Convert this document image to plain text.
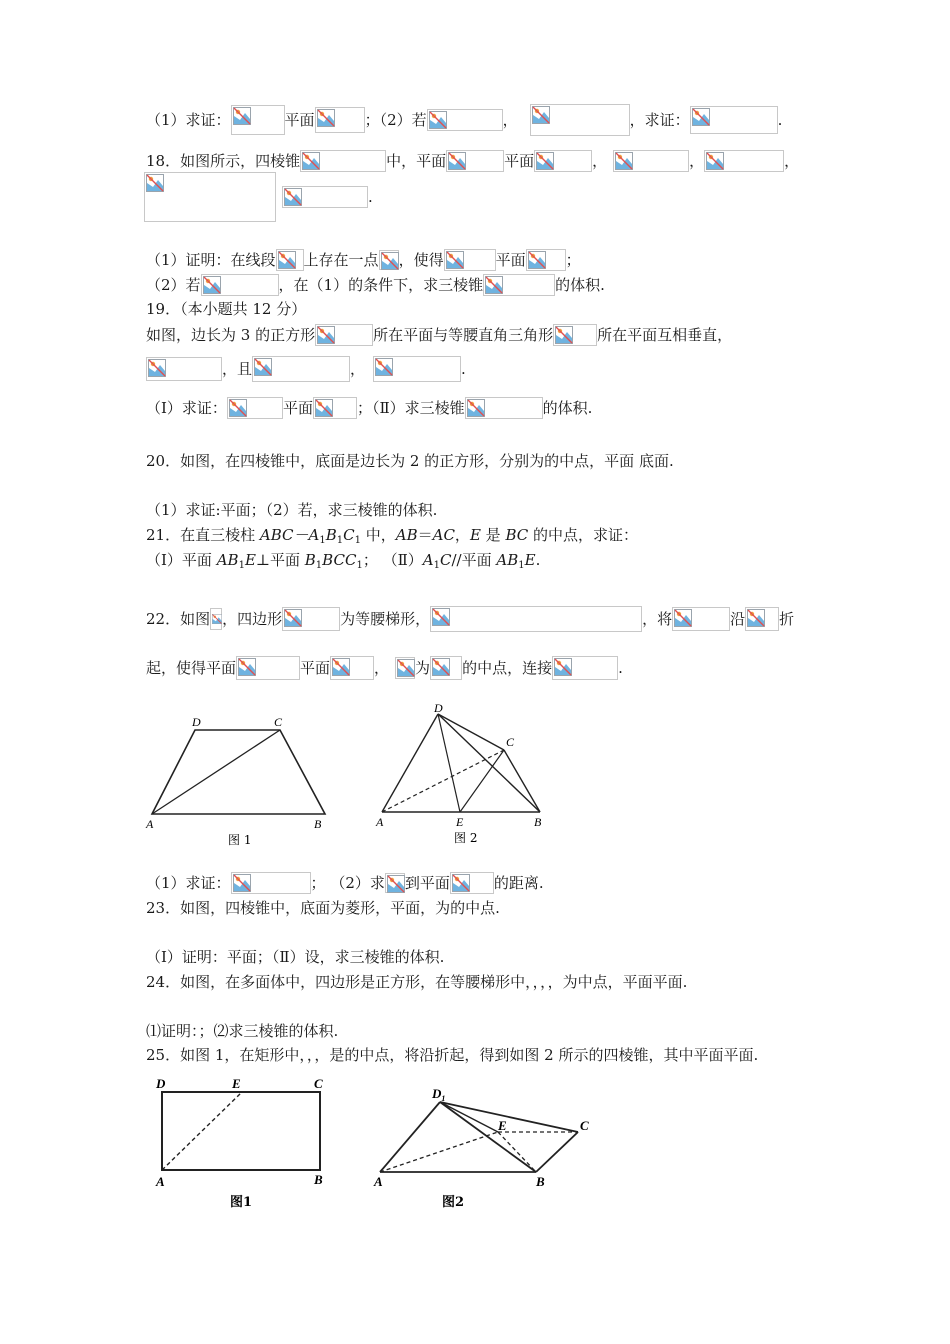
（1）求证：	平面	；（2）若	，	，求证：	.
18．如图所示，四棱锥	中，平面	平面	，	，	，
.
（1）证明：在线段 上存在一点 ，使得	平面	；
（2）若	，在（1）的条件下，求三棱锥	的体积.
19．（本小题共 12 分）
如图，边长为 3 的正方形	所在平面与等腰直角三角形	所在平面互相垂直，
，且	，	.
（Ⅰ）求证：	平面	；（Ⅱ）求三棱锥	的体积.
20．如图，在四棱锥中，底面是边长为 2 的正方形，分别为的中点，平面 底面.
（1）求证:平面；（2）若，求三棱锥的体积.
21．在直三棱柱 $ABC-A_1B_1C_1$ 中，AB＝AC，E 是 BC 的中点，求证：
（Ⅰ）平面 $AB_1E\perp$平面 $B_1BCC_1$； $(Ⅱ)A_1C//$平面 $AB_1E$.
22．如图 ，四边形	为等腰梯形，	，将	沿 折
起，使得平面	平面	， 为 的中点，连接	.
D	C
A	B
图 1
D
C
A	E	B
图 2
（1）求证：	； （2）求 到平面	的距离.
23．如图，四棱锥中，底面为菱形，平面，为的中点.
（Ⅰ）证明：平面；（Ⅱ）设，求三棱锥的体积.
24．如图，在多面体中，四边形是正方形，在等腰梯形中，，，，为中点，平面平面.
⑴证明：；⑵求三棱锥的体积.
25．如图 1，在矩形中，，，是的中点，将沿折起，得到如图 2 所示的四棱锥，其中平面平面.
D	E	C
A	B
图1
$D_1$
E	C
A	B
图2
